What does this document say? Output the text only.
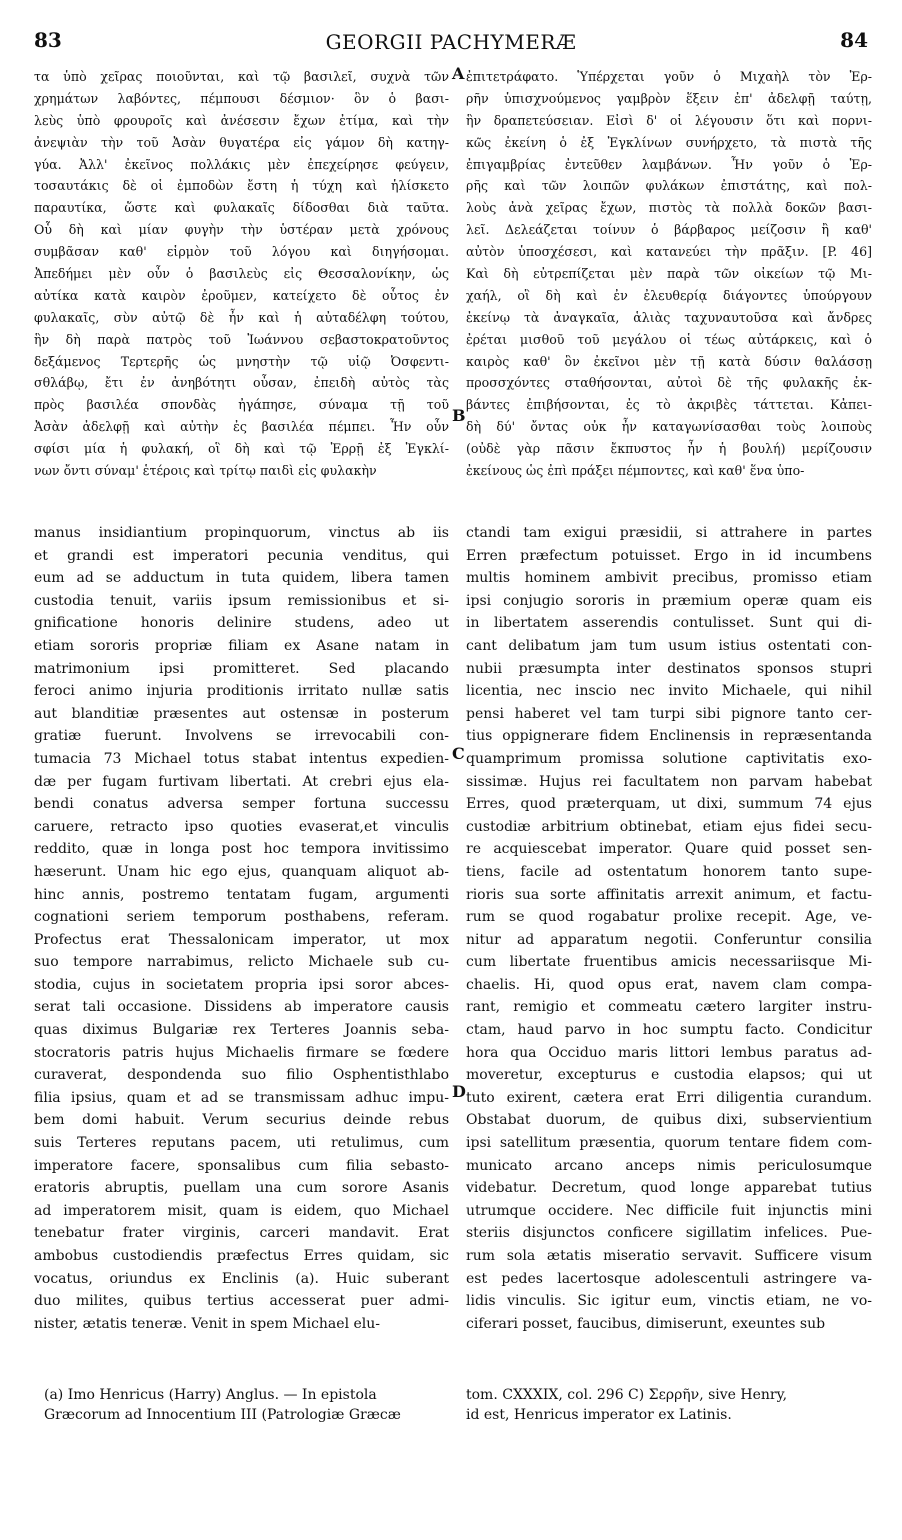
83	GEORGII PACHYMERÆ	84
τα ὑπὸ χεῖρας ποιοῦνται, καὶ τῷ βασιλεῖ, συχνὰ τῶν
χρημάτων λαβόντες, πέμπουσι δέσμιον· ὃν ὁ βασι-
λεὺς ὑπὸ φρουροῖς καὶ ἀνέσεσιν ἔχων ἐτίμα, καὶ τὴν
ἀνεψιὰν τὴν τοῦ Ἀσὰν θυγατέρα εἰς γάμον δὴ κατηγ-
γύα. Ἀλλ' ἐκεῖνος πολλάκις μὲν ἐπεχείρησε φεύγειν,
τοσαυτάκις δὲ οἱ ἐμποδὼν ἔστη ἡ τύχη καὶ ἡλίσκετο
παραυτίκα, ὥστε καὶ φυλακαῖς δίδοσθαι διὰ ταῦτα.
Οὗ δὴ καὶ μίαν φυγὴν τὴν ὑστέραν μετὰ χρόνους
συμβᾶσαν καθ' εἱρμὸν τοῦ λόγου καὶ διηγήσομαι.
Ἀπεδήμει μὲν οὖν ὁ βασιλεὺς εἰς Θεσσαλονίκην, ὡς
αὐτίκα κατὰ καιρὸν ἐροῦμεν, κατείχετο δὲ οὗτος ἐν
φυλακαῖς, σὺν αὐτῷ δὲ ἦν καὶ ἡ αὐταδέλφη τούτου,
ἣν δὴ παρὰ πατρὸς τοῦ Ἰωάννου σεβαστοκρατοῦντος
δεξάμενος Τερτερῆς ὡς μνηστὴν τῷ υἱῷ Ὀσφεντι-
σθλάβῳ, ἔτι ἐν ἀνηβότητι οὖσαν, ἐπειδὴ αὐτὸς τὰς
πρὸς βασιλέα σπονδὰς ἠγάπησε, σύναμα τῇ τοῦ
Ἀσὰν ἀδελφῇ καὶ αὐτὴν ἐς βασιλέα πέμπει. Ἦν οὖν
σφίσι μία ἡ φυλακή, οἳ δὴ καὶ τῷ Ἐρρῇ ἐξ Ἐγκλί-
νων ὄντι σύναμ' ἑτέροις καὶ τρίτῳ παιδὶ εἰς φυλακὴν
ἐπιτετράφατο. Ὑπέρχεται γοῦν ὁ Μιχαὴλ τὸν Ἐρ-
ρῆν ὑπισχνούμενος γαμβρὸν ἕξειν ἐπ' ἀδελφῇ ταύτῃ,
ἣν δραπετεύσειαν. Εἰσὶ δ' οἱ λέγουσιν ὅτι καὶ πορνι-
κῶς ἐκείνη ὁ ἐξ Ἐγκλίνων συνήρχετο, τὰ πιστὰ τῆς
ἐπιγαμβρίας ἐντεῦθεν λαμβάνων. Ἦν γοῦν ὁ Ἐρ-
ρῆς καὶ τῶν λοιπῶν φυλάκων ἐπιστάτης, καὶ πολ-
λοὺς ἀνὰ χεῖρας ἔχων, πιστὸς τὰ πολλὰ δοκῶν βασι-
λεῖ. Δελεάζεται τοίνυν ὁ βάρβαρος μείζοσιν ἢ καθ'
αὐτὸν ὑποσχέσεσι, καὶ κατανεύει τὴν πρᾶξιν. [P. 46]
Καὶ δὴ εὐτρεπίζεται μὲν παρὰ τῶν οἰκείων τῷ Μι-
χαήλ, οἳ δὴ καὶ ἐν ἐλευθερίᾳ διάγοντες ὑπούργουν
ἐκείνῳ τὰ ἀναγκαῖα, ἁλιὰς ταχυναυτοῦσα καὶ ἄνδρες
ἐρέται μισθοῦ τοῦ μεγάλου οἱ τέως αὐτάρκεις, καὶ ὁ
καιρὸς καθ' ὃν ἐκεῖνοι μὲν τῇ κατὰ δύσιν θαλάσσῃ
προσσχόντες σταθήσονται, αὐτοὶ δὲ τῆς φυλακῆς ἐκ-
βάντες ἐπιβήσονται, ἐς τὸ ἀκριβὲς τάττεται. Κἀπει-
δὴ δύ' ὄντας οὐκ ἦν καταγωνίσασθαι τοὺς λοιποὺς
(οὐδὲ γὰρ πᾶσιν ἔκπυστος ἦν ἡ βουλή) μερίζουσιν
ἐκείνους ὡς ἐπὶ πράξει πέμποντες, καὶ καθ' ἕνα ὑπο-
manus insidiantium propinquorum, vinctus ab iis
et grandi est imperatori pecunia venditus, qui
eum ad se adductum in tuta quidem, libera tamen
custodia tenuit, variis ipsum remissionibus et si-
gnificatione honoris delinire studens, adeo ut
etiam sororis propriæ filiam ex Asane natam in
matrimonium ipsi promitteret. Sed placando
feroci animo injuria proditionis irritato nullæ satis
aut blanditiæ præsentes aut ostensæ in posterum
gratiæ fuerunt. Involvens se irrevocabili con-
tumacia 73 Michael totus stabat intentus expedien-
dæ per fugam furtivam libertati. At crebri ejus ela-
bendi conatus adversa semper fortuna successu
caruere, retracto ipso quoties evaserat,et vinculis
reddito, quæ in longa post hoc tempora invitissimo
hæserunt. Unam hic ego ejus, quanquam aliquot ab-
hinc annis, postremo tentatam fugam, argumenti
cognationi seriem temporum posthabens, referam.
Profectus erat Thessalonicam imperator, ut mox
suo tempore narrabimus, relicto Michaele sub cu-
stodia, cujus in societatem propria ipsi soror abces-
serat tali occasione. Dissidens ab imperatore causis
quas diximus Bulgariæ rex Terteres Joannis seba-
stocratoris patris hujus Michaelis firmare se fœdere
curaverat, despondenda suo filio Osphentisthlabo
filia ipsius, quam et ad se transmissam adhuc impu-
bem domi habuit. Verum securius deinde rebus
suis Terteres reputans pacem, uti retulimus, cum
imperatore facere, sponsalibus cum filia sebasto-
eratoris abruptis, puellam una cum sorore Asanis
ad imperatorem misit, quam is eidem, quo Michael
tenebatur frater virginis, carceri mandavit. Erat
ambobus custodiendis præfectus Erres quidam, sic
vocatus, oriundus ex Enclinis (a). Huic suberant
duo milites, quibus tertius accesserat puer admi-
nister, ætatis teneræ. Venit in spem Michael elu-
ctandi tam exigui præsidii, si attrahere in partes
Erren præfectum potuisset. Ergo in id incumbens
multis hominem ambivit precibus, promisso etiam
ipsi conjugio sororis in præmium operæ quam eis
in libertatem asserendis contulisset. Sunt qui di-
cant delibatum jam tum usum istius ostentati con-
nubii præsumpta inter destinatos sponsos stupri
licentia, nec inscio nec invito Michaele, qui nihil
pensi haberet vel tam turpi sibi pignore tanto cer-
tius oppignerare fidem Enclinensis in repræsentanda
quamprimum promissa solutione captivitatis exo-
sissimæ. Hujus rei facultatem non parvam habebat
Erres, quod præterquam, ut dixi, summum 74 ejus
custodiæ arbitrium obtinebat, etiam ejus fidei secu-
re acquiescebat imperator. Quare quid posset sen-
tiens, facile ad ostentatum honorem tanto supe-
rioris sua sorte affinitatis arrexit animum, et factu-
rum se quod rogabatur prolixe recepit. Age, ve-
nitur ad apparatum negotii. Conferuntur consilia
cum libertate fruentibus amicis necessariisque Mi-
chaelis. Hi, quod opus erat, navem clam compa-
rant, remigio et commeatu cætero largiter instru-
ctam, haud parvo in hoc sumptu facto. Condicitur
hora qua Occiduo maris littori lembus paratus ad-
moveretur, excepturus e custodia elapsos; qui ut
tuto exirent, cætera erat Erri diligentia curandum.
Obstabat duorum, de quibus dixi, subservientium
ipsi satellitum præsentia, quorum tentare fidem com-
municato arcano anceps nimis periculosumque
videbatur. Decretum, quod longe apparebat tutius
utrumque occidere. Nec difficile fuit injunctis mini
steriis disjunctos conficere sigillatim infelices. Pue-
rum sola ætatis miseratio servavit. Sufficere visum
est pedes lacertosque adolescentuli astringere va-
lidis vinculis. Sic igitur eum, vinctis etiam, ne vo-
ciferari posset, faucibus, dimiserunt, exeuntes sub
A
B
C
D
(a) Imo Henricus (Harry) Anglus. — In epistola
Græcorum ad Innocentium III (Patrologiæ Græcæ
tom. CXXXIX, col. 296 C) Σερρῆν, sive Henry,
id est, Henricus imperator ex Latinis.
